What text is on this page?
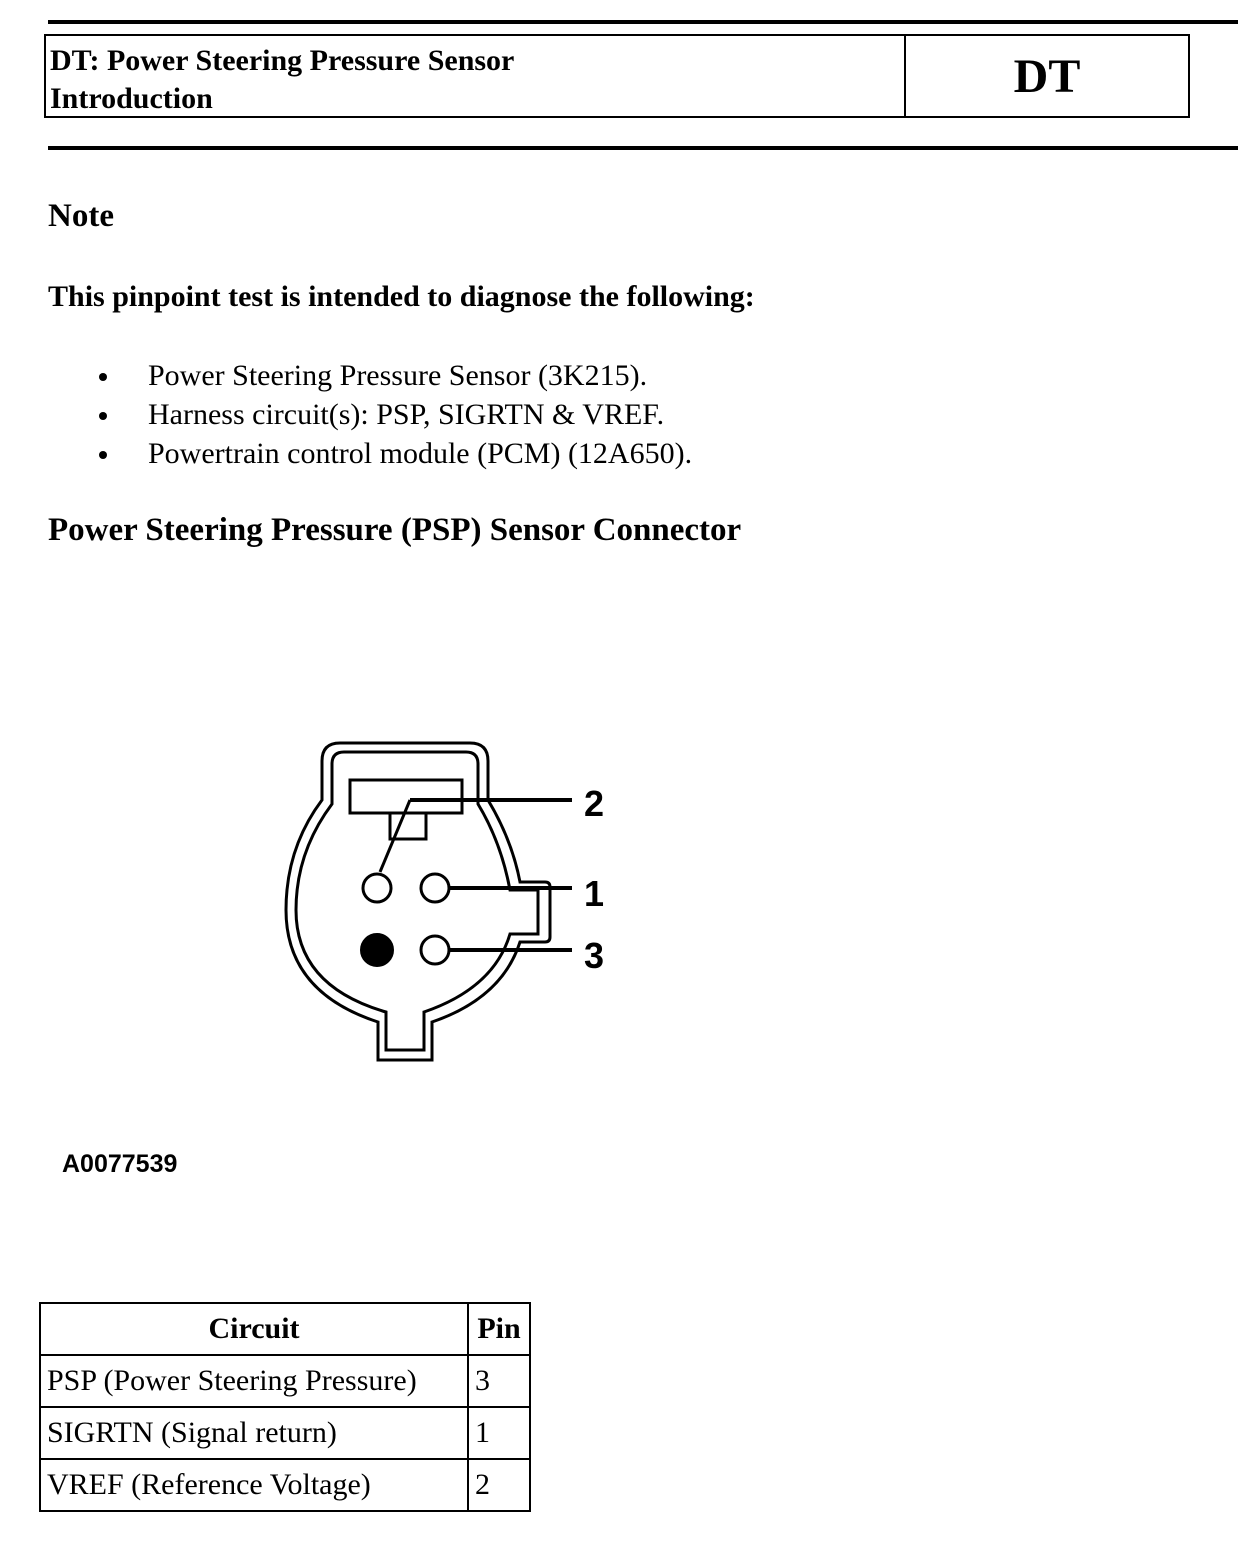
DT: Power Steering Pressure Sensor
Introduction	DT
Note
This pinpoint test is intended to diagnose the following:
Power Steering Pressure Sensor (3K215).
Harness circuit(s): PSP, SIGRTN & VREF.
Powertrain control module (PCM) (12A650).
Power Steering Pressure (PSP) Sensor Connector
2
1
3
A0077539
Circuit	Pin
PSP (Power Steering Pressure)	3
SIGRTN (Signal return)	1
VREF (Reference Voltage)	2
